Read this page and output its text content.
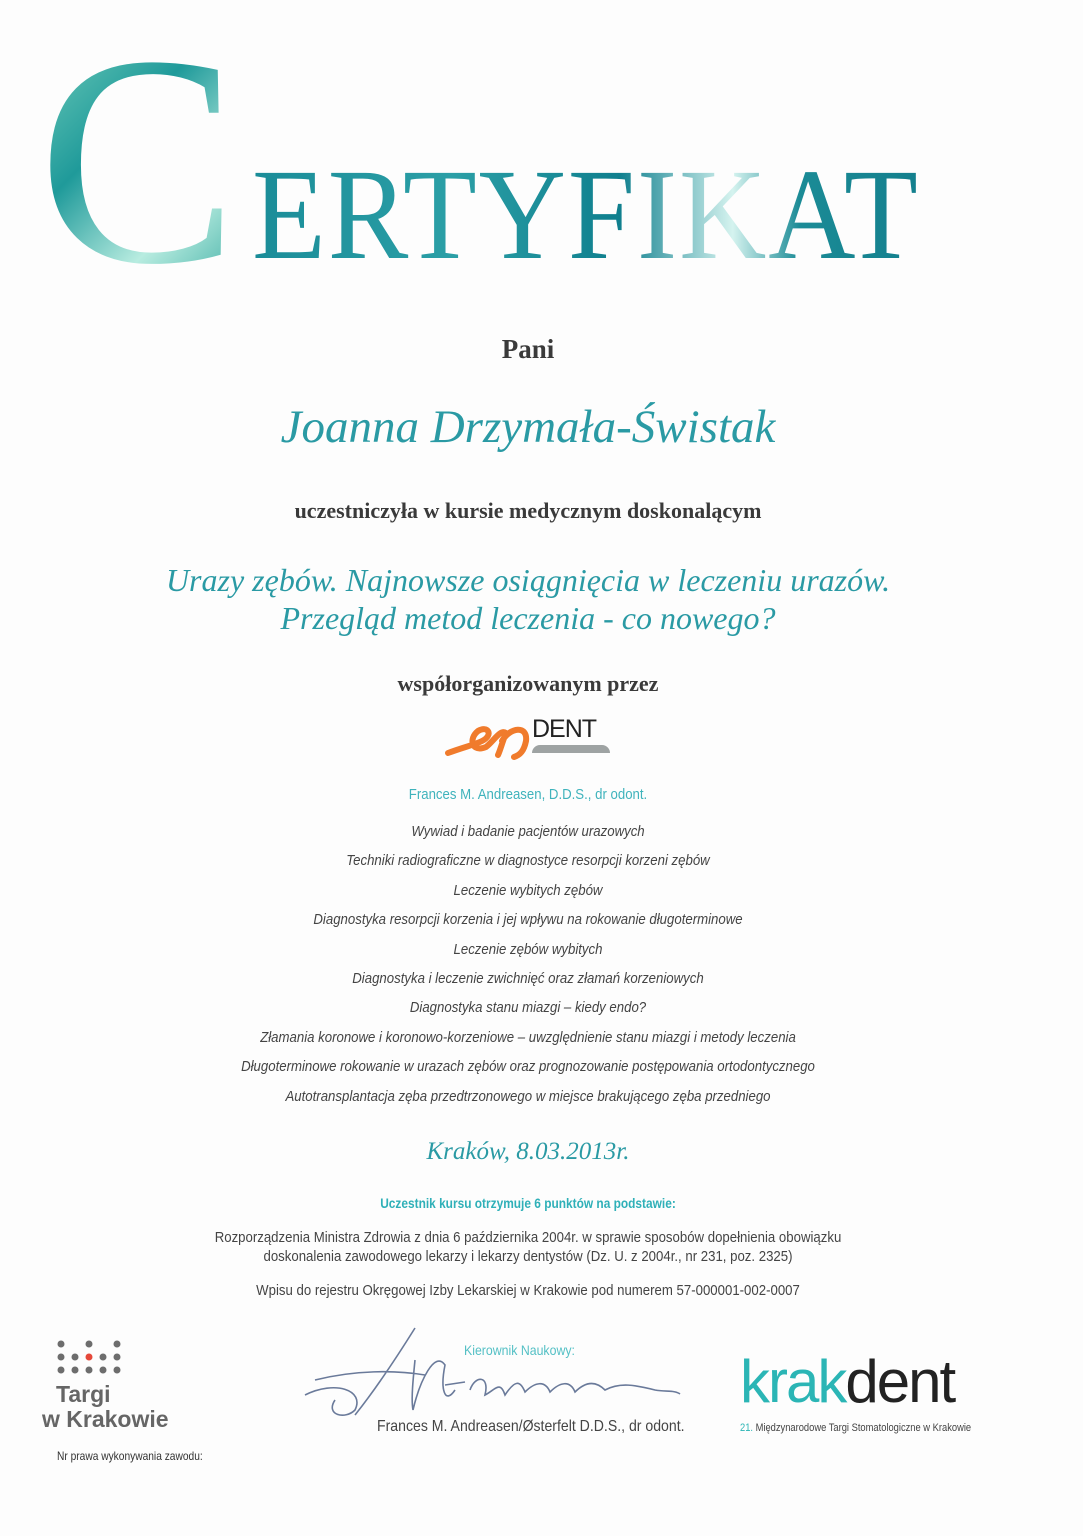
C ERTYFIKAT
Pani
Joanna Drzymała-Świstak
uczestniczyła w kursie medycznym doskonalącym
Urazy zębów. Najnowsze osiągnięcia w leczeniu urazów.
Przegląd metod leczenia - co nowego?
współorganizowanym przez
DENT
Frances M. Andreasen, D.D.S., dr odont.
Wywiad i badanie pacjentów urazowych
Techniki radiograficzne w diagnostyce resorpcji korzeni zębów
Leczenie wybitych zębów
Diagnostyka resorpcji korzenia i jej wpływu na rokowanie długoterminowe
Leczenie zębów wybitych
Diagnostyka i leczenie zwichnięć oraz złamań korzeniowych
Diagnostyka stanu miazgi – kiedy endo?
Złamania koronowe i koronowo-korzeniowe – uwzględnienie stanu miazgi i metody leczenia
Długoterminowe rokowanie w urazach zębów oraz prognozowanie postępowania ortodontycznego
Autotransplantacja zęba przedtrzonowego w miejsce brakującego zęba przedniego
Kraków, 8.03.2013r.
Uczestnik kursu otrzymuje 6 punktów na podstawie:
Rozporządzenia Ministra Zdrowia z dnia 6 października 2004r. w sprawie sposobów dopełnienia obowiązku
doskonalenia zawodowego lekarzy i lekarzy dentystów (Dz. U. z 2004r., nr 231, poz. 2325)
Wpisu do rejestru Okręgowej Izby Lekarskiej w Krakowie pod numerem 57-000001-002-0007
Targi
w Krakowie
Nr prawa wykonywania zawodu:
Kierownik Naukowy:
Frances M. Andreasen/Østerfelt D.D.S., dr odont.
krakdent
21. Międzynarodowe Targi Stomatologiczne w Krakowie
